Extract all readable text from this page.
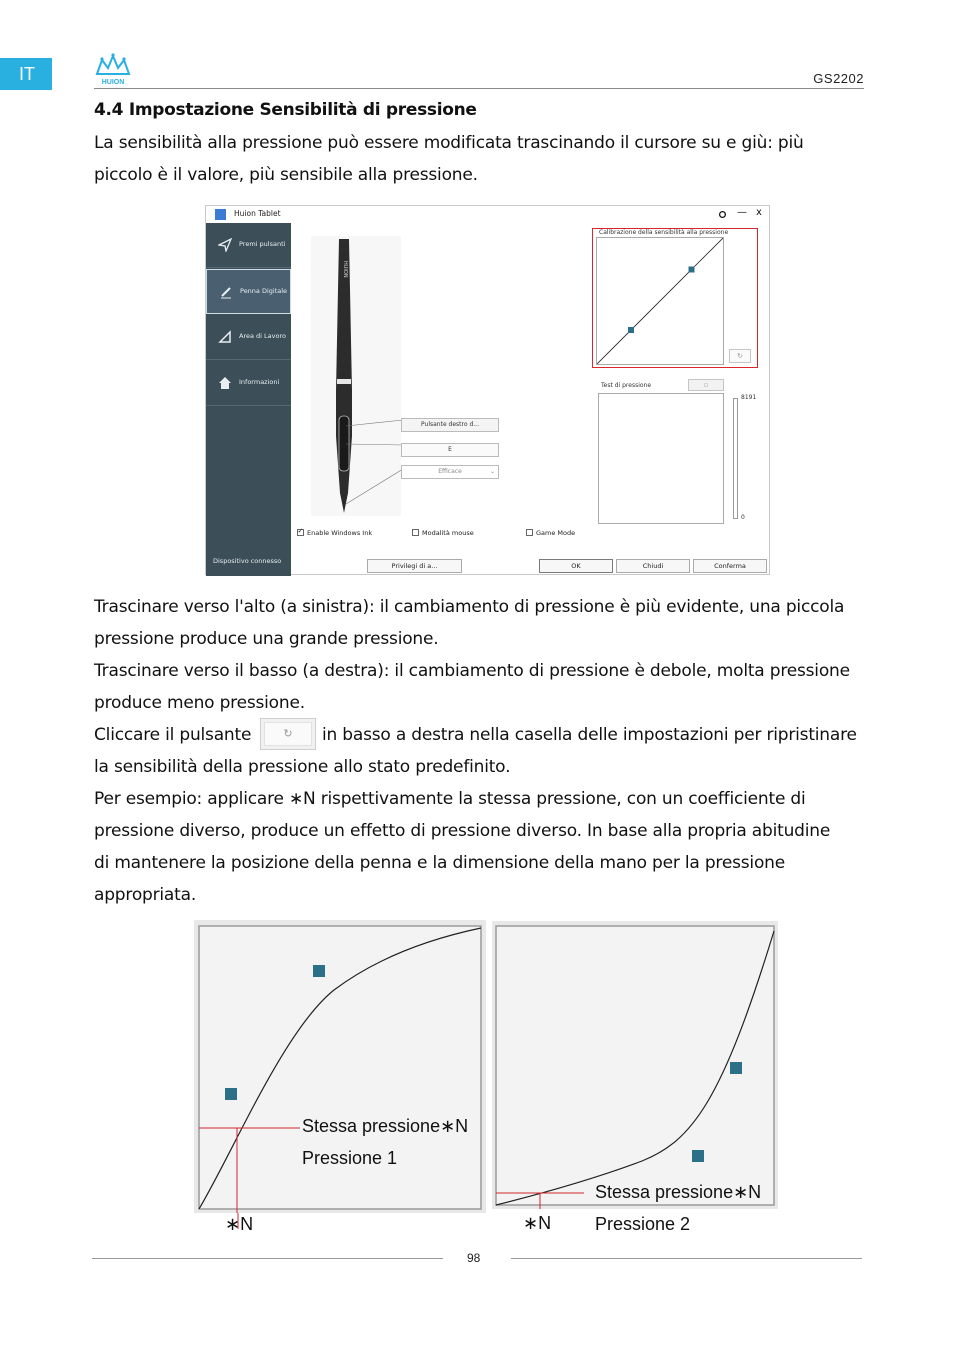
IT	HUION	GS2202
4.4 Impostazione Sensibilità di pressione
La sensibilità alla pressione può essere modificata trascinando il cursore su e giù: più
piccolo è il valore, più sensibile alla pressione.
Huion Tablet	— x
Premi pulsanti
Penna Digitale
Area di Lavoro
Informazioni
Dispositivo connesso
HUION
Pulsante destro d...
E
Efficace	⌄
Calibrazione della sensibilità alla pressione
↻
Test di pressione	▫
8191
0
✓Enable Windows Ink	Modalità mouse	Game Mode
Privilegi di a...	OK	Chiudi	Conferma
Trascinare verso l'alto (a sinistra): il cambiamento di pressione è più evidente, una piccola
pressione produce una grande pressione.
Trascinare verso il basso (a destra): il cambiamento di pressione è debole, molta pressione
produce meno pressione.
Cliccare il pulsante	↻	in basso a destra nella casella delle impostazioni per ripristinare
la sensibilità della pressione allo stato predefinito.
Per esempio: applicare ∗N rispettivamente la stessa pressione, con un coefficiente di
pressione diverso, produce un effetto di pressione diverso. In base alla propria abitudine
di mantenere la posizione della penna e la dimensione della mano per la pressione
appropriata.
Stessa pressione∗N
Pressione 1
∗N
Stessa pressione∗N
Pressione 2
∗N
98
